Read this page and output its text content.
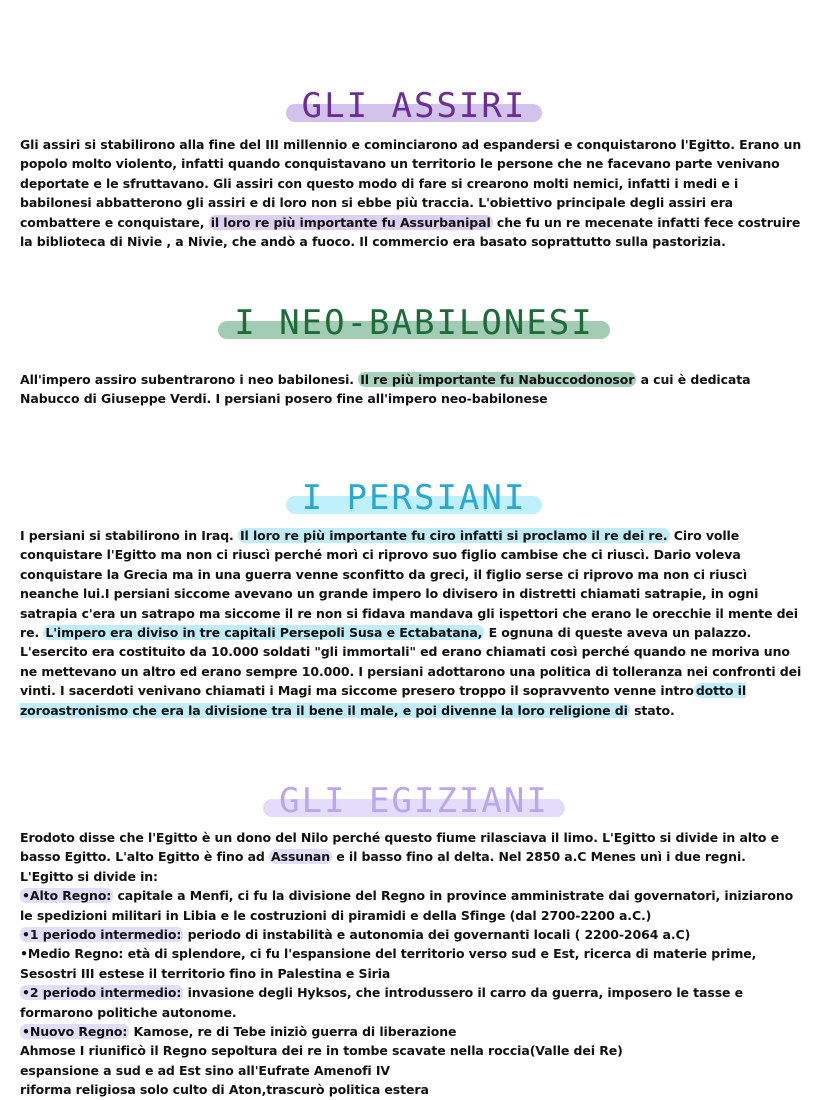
GLI ASSIRI

Gli assiri si stabilirono alla fine del III millennio e cominciarono ad espandersi e conquistarono l'Egitto. Erano un popolo molto violento, infatti quando conquistavano un territorio le persone che ne facevano parte venivano deportate e le sfruttavano. Gli assiri con questo modo di fare si crearono molti nemici, infatti i medi e i babilonesi abbatterono gli assiri e di loro non si ebbe più traccia. L'obiettivo principale degli assiri era combattere e conquistare, il loro re più importante fu Assurbanipal che fu un re mecenate infatti fece costruire la biblioteca di Nivie , a Nivie, che andò a fuoco. Il commercio era basato soprattutto sulla pastorizia.

I NEO-BABILONESI

All'impero assiro subentrarono i neo babilonesi. Il re più importante fu Nabuccodonosor a cui è dedicata Nabucco di Giuseppe Verdi. I persiani posero fine all'impero neo-babilonese

I PERSIANI

I persiani si stabilirono in Iraq. Il loro re più importante fu ciro infatti si proclamo il re dei re. Ciro volle conquistare l'Egitto ma non ci riuscì perché morì ci riprovo suo figlio cambise che ci riuscì. Dario voleva conquistare la Grecia ma in una guerra venne sconfitto da greci, il figlio serse ci riprovo ma non ci riuscì neanche lui.I persiani siccome avevano un grande impero lo divisero in distretti chiamati satrapie, in ogni satrapia c'era un satrapo ma siccome il re non si fidava mandava gli ispettori che erano le orecchie il mente dei re. L'impero era diviso in tre capitali Persepoli Susa e Ectabatana, E ognuna di queste aveva un palazzo. L'esercito era costituito da 10.000 soldati "gli immortali" ed erano chiamati così perché quando ne moriva uno ne mettevano un altro ed erano sempre 10.000. I persiani adottarono una politica di tolleranza nei confronti dei vinti. I sacerdoti venivano chiamati i Magi ma siccome presero troppo il sopravvento venne intro dotto il zoroastronismo che era la divisione tra il bene il male, e poi divenne la loro religione di stato.

GLI EGIZIANI
Erodoto disse che l'Egitto è un dono del Nilo perché questo fiume rilasciava il limo. L'Egitto si divide in alto e basso Egitto. L'alto Egitto è fino ad Assunan e il basso fino al delta. Nel 2850 a.C Menes unì i due regni.
L'Egitto si divide in:
•Alto Regno: capitale a Menfi, ci fu la divisione del Regno in province amministrate dai governatori, iniziarono le spedizioni militari in Libia e le costruzioni di piramidi e della Sfinge (dal 2700-2200 a.C.)
•1 periodo intermedio: periodo di instabilità e autonomia dei governanti locali ( 2200-2064 a.C)
•Medio Regno: età di splendore, ci fu l'espansione del territorio verso sud e Est, ricerca di materie prime, Sesostri III estese il territorio fino in Palestina e Siria
•2 periodo intermedio: invasione degli Hyksos, che introdussero il carro da guerra, imposero le tasse e formarono politiche autonome.
•Nuovo Regno: Kamose, re di Tebe iniziò guerra di liberazione
Ahmose I riunificò il Regno sepoltura dei re in tombe scavate nella roccia(Valle dei Re)
espansione a sud e ad Est sino all'Eufrate Amenofi IV
riforma religiosa solo culto di Aton,trascurò politica estera
